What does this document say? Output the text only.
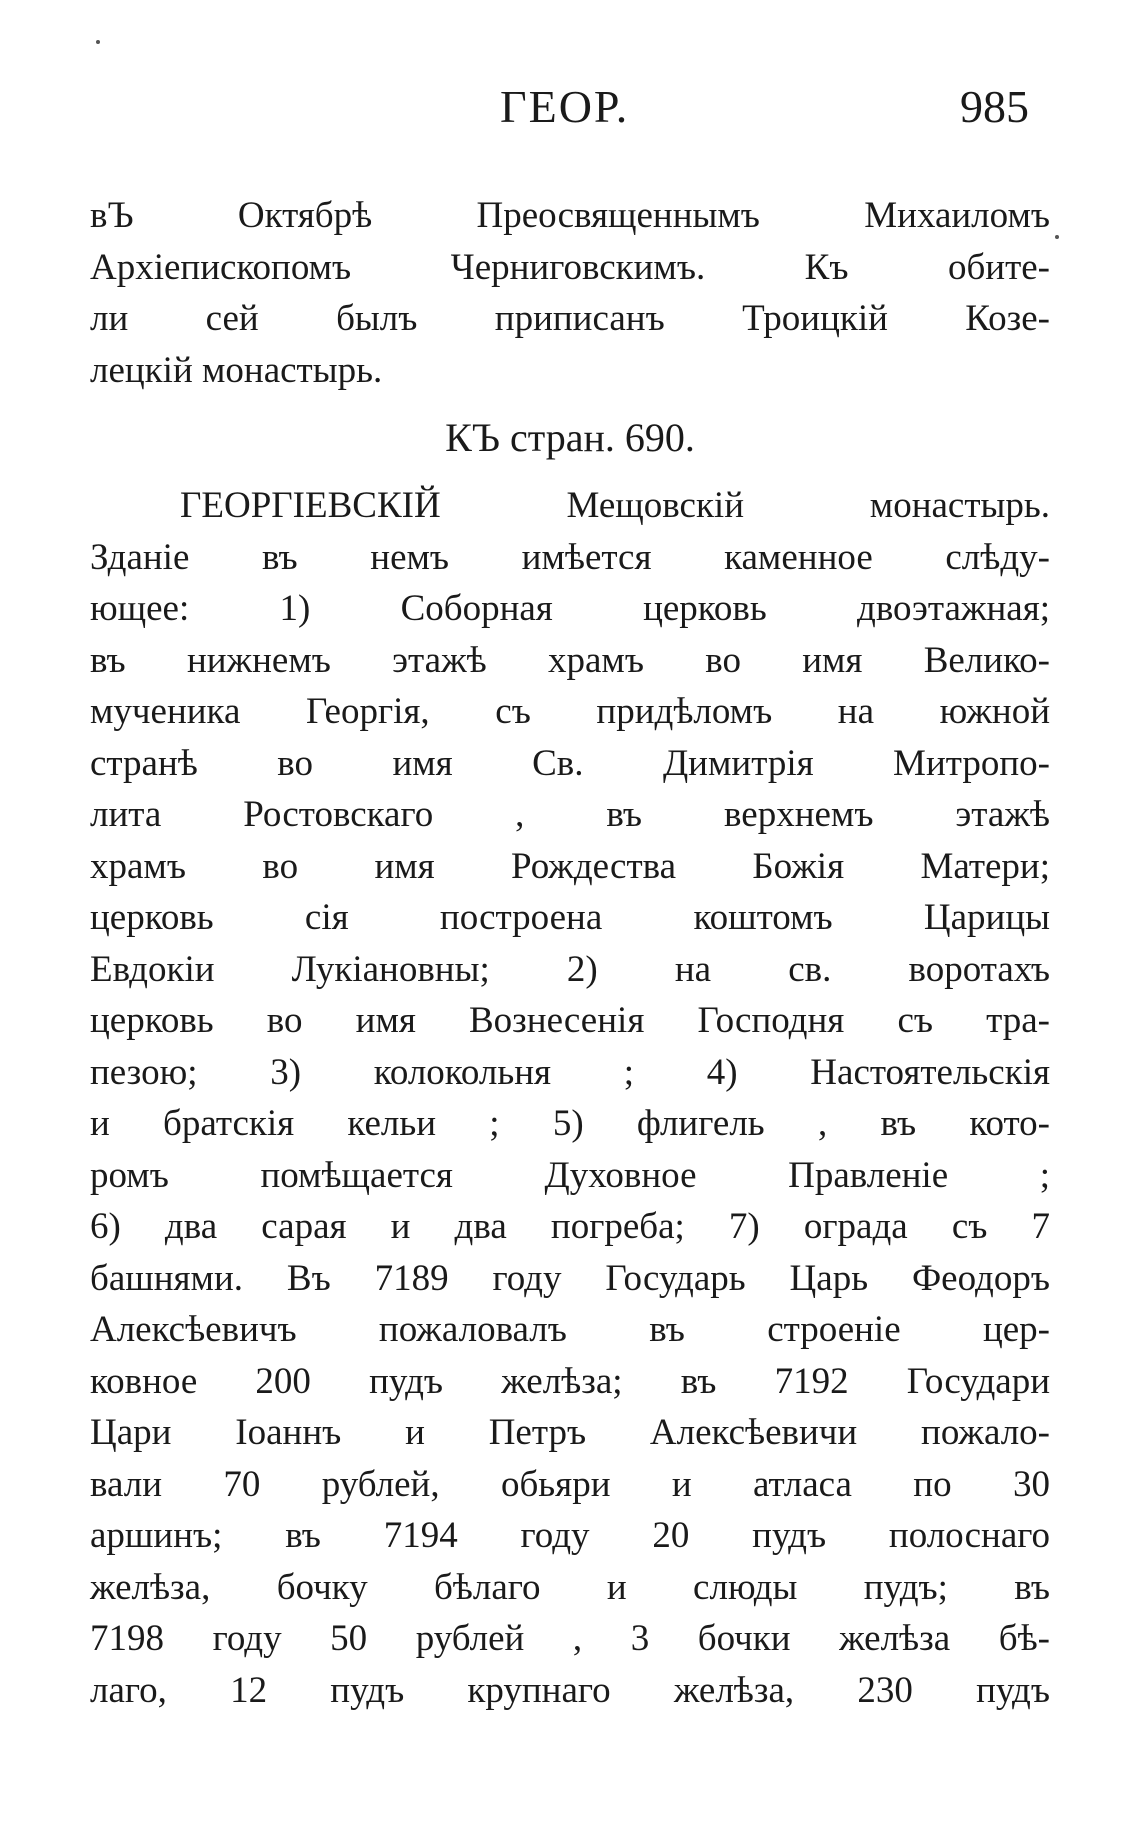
ГЕОР.	985
вЪ Октябрѣ Преосвященнымъ Михаиломъ
Архіепископомъ Черниговскимъ. Къ обите-
ли сей былъ приписанъ Троицкій Козе-
лецкій монастырь.
КЪ стран. 690.
ГЕОРГІЕВСКІЙ Мещовскій монастырь.
Зданіе въ немъ имѣется каменное слѣду-
ющее: 1) Соборная церковь двоэтажная;
въ нижнемъ этажѣ храмъ во имя Велико-
мученика Георгія, съ придѣломъ на южной
странѣ во имя Св. Димитрія Митропо-
лита Ростовскаго , въ верхнемъ этажѣ
храмъ во имя Рождества Божія Матери;
церковь сія построена коштомъ Царицы
Евдокіи Лукіановны; 2) на св. воротахъ
церковь во имя Вознесенія Господня съ тра-
пезою; 3) колокольня ; 4) Настоятельскія
и братскія кельи ; 5) флигель , въ кото-
ромъ помѣщается Духовное Правленіе ;
6) два сарая и два погреба; 7) ограда съ 7
башнями. Въ 7189 году Государь Царь Феодоръ
Алексѣевичъ пожаловалъ въ строеніе цер-
ковное 200 пудъ желѣза; въ 7192 Государи
Цари Іоаннъ и Петръ Алексѣевичи пожало-
вали 70 рублей, обьяри и атласа по 30
аршинъ; въ 7194 году 20 пудъ полоснаго
желѣза, бочку бѣлаго и слюды пудъ; въ
7198 году 50 рублей , 3 бочки желѣза бѣ-
лаго, 12 пудъ крупнаго желѣза, 230 пудъ
